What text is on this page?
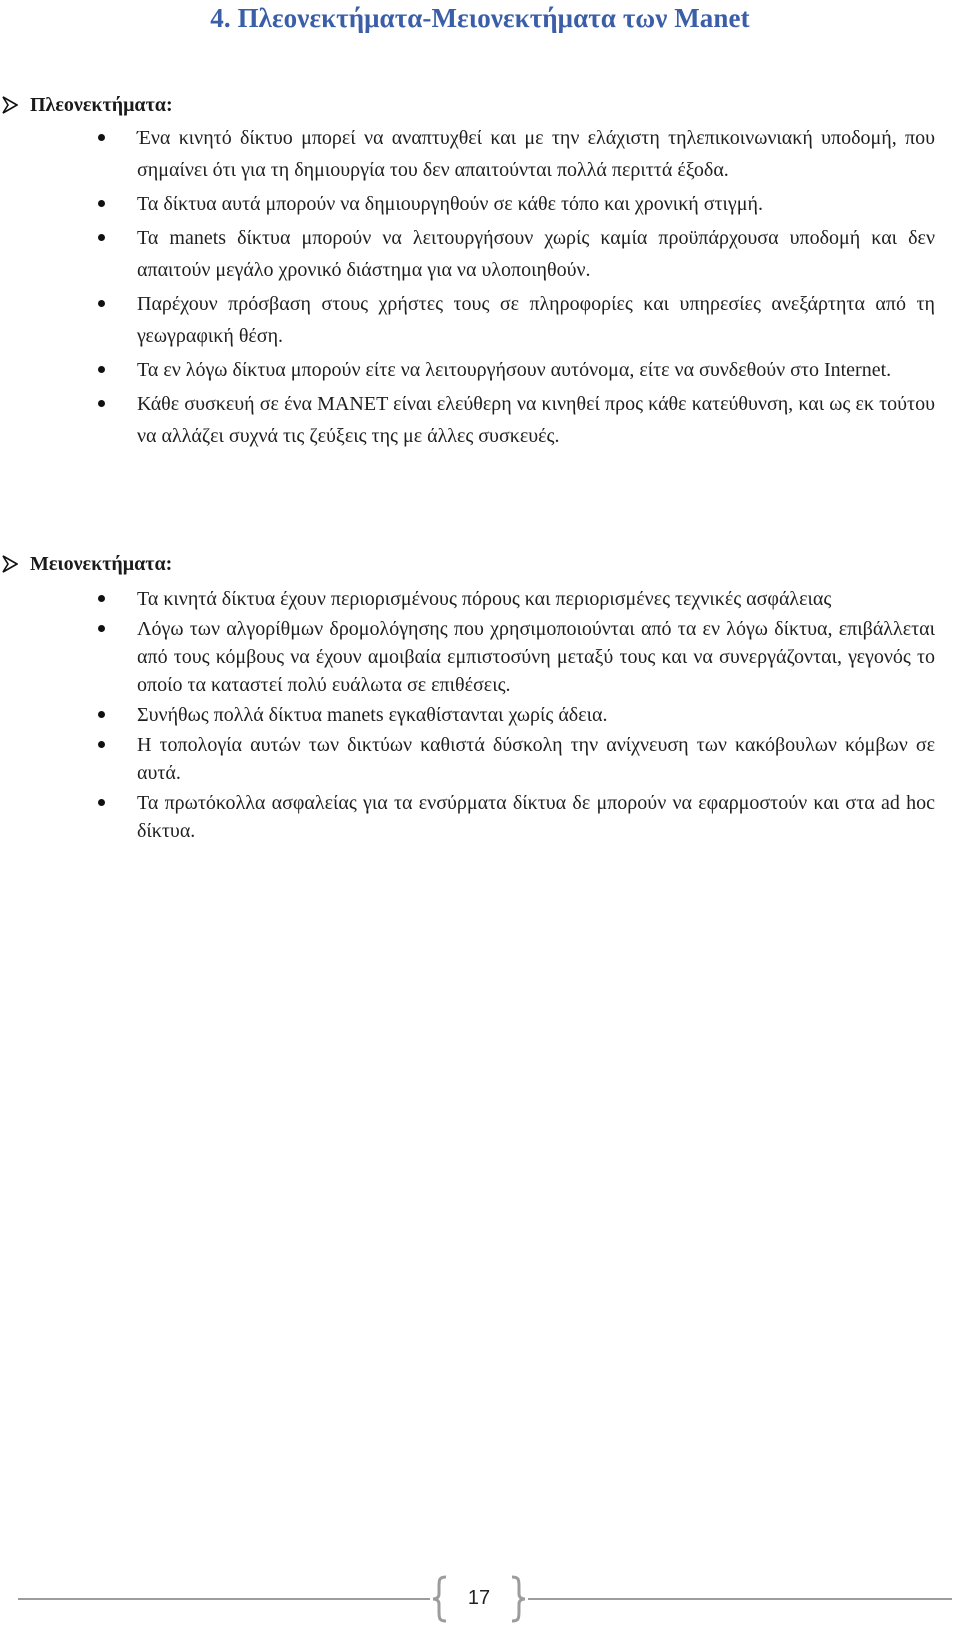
4. Πλεονεκτήματα-Μειονεκτήματα των Manet
Πλεονεκτήματα:
Ένα κινητό δίκτυο μπορεί να αναπτυχθεί και με την ελάχιστη τηλεπικοινωνιακή υποδομή, που σημαίνει ότι για τη δημιουργία του δεν απαιτούνται πολλά περιττά έξοδα.
Τα δίκτυα αυτά μπορούν να δημιουργηθούν σε κάθε τόπο και χρονική στιγμή.
Τα manets δίκτυα μπορούν να λειτουργήσουν χωρίς καμία προϋπάρχουσα υποδομή και δεν απαιτούν μεγάλο χρονικό διάστημα για να υλοποιηθούν.
Παρέχουν πρόσβαση στους χρήστες τους σε πληροφορίες και υπηρεσίες ανεξάρτητα από τη γεωγραφική θέση.
Τα εν λόγω δίκτυα μπορούν είτε να λειτουργήσουν αυτόνομα, είτε να συνδεθούν στο Internet.
Κάθε συσκευή σε ένα MANET είναι ελεύθερη να κινηθεί προς κάθε κατεύθυνση, και ως εκ τούτου να αλλάζει συχνά τις ζεύξεις της με άλλες συσκευές.
Μειονεκτήματα:
Τα κινητά δίκτυα έχουν περιορισμένους πόρους και περιορισμένες τεχνικές ασφάλειας
Λόγω των αλγορίθμων δρομολόγησης που χρησιμοποιούνται από τα εν λόγω δίκτυα, επιβάλλεται από τους κόμβους να έχουν αμοιβαία εμπιστοσύνη μεταξύ τους και να συνεργάζονται, γεγονός το οποίο τα καταστεί πολύ ευάλωτα σε επιθέσεις.
Συνήθως πολλά δίκτυα manets εγκαθίστανται χωρίς άδεια.
Η τοπολογία αυτών των δικτύων καθιστά δύσκολη την ανίχνευση των κακόβουλων κόμβων σε αυτά.
Τα πρωτόκολλα ασφαλείας για τα ενσύρματα δίκτυα δε μπορούν να εφαρμοστούν και στα ad hoc δίκτυα.
17
